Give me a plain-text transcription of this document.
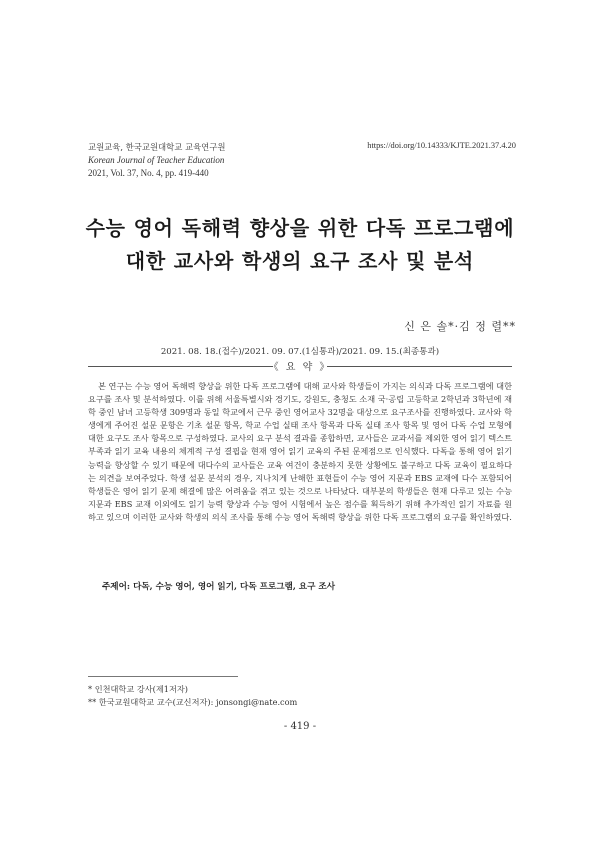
교원교육, 한국교원대학교 교육연구원
Korean Journal of Teacher Education
2021, Vol. 37, No. 4, pp. 419-440
https://doi.org/10.14333/KJTE.2021.37.4.20
수능 영어 독해력 향상을 위한 다독 프로그램에
대한 교사와 학생의 요구 조사 및 분석
신 은 솔*·김 정 렬**
2021. 08. 18.(접수)/2021. 09. 07.(1심통과)/2021. 09. 15.(최종통과)
《 요 약 》
본 연구는 수능 영어 독해력 향상을 위한 다독 프로그램에 대해 교사와 학생들이 가지는 의식과 다독 프로그램에 대한 요구를 조사 및 분석하였다. 이를 위해 서울특별시와 경기도, 강원도, 충청도 소재 국·공립 고등학교 2학년과 3학년에 재학 중인 남녀 고등학생 309명과 동일 학교에서 근무 중인 영어교사 32명을 대상으로 요구조사를 진행하였다. 교사와 학생에게 주어진 설문 문항은 기초 설문 항목, 학교 수업 실태 조사 항목과 다독 실태 조사 항목 및 영어 다독 수업 모형에 대한 요구도 조사 항목으로 구성하였다. 교사의 요구 분석 결과를 종합하면, 교사들은 교과서를 제외한 영어 읽기 텍스트 부족과 읽기 교육 내용의 체계적 구성 결핍을 현재 영어 읽기 교육의 주된 문제점으로 인식했다. 다독을 통해 영어 읽기 능력을 향상할 수 있기 때문에 대다수의 교사들은 교육 여건이 충분하지 못한 상황에도 불구하고 다독 교육이 필요하다는 의견을 보여주었다. 학생 설문 분석의 경우, 지나치게 난해한 표현들이 수능 영어 지문과 EBS 교재에 다수 포함되어 학생들은 영어 읽기 문제 해결에 많은 어려움을 겪고 있는 것으로 나타났다. 대부분의 학생들은 현재 다루고 있는 수능 지문과 EBS 교재 이외에도 읽기 능력 향상과 수능 영어 시험에서 높은 점수를 획득하기 위해 추가적인 읽기 자료를 원하고 있으며 이러한 교사와 학생의 의식 조사를 통해 수능 영어 독해력 향상을 위한 다독 프로그램의 요구를 확인하였다.
주제어: 다독, 수능 영어, 영어 읽기, 다독 프로그램, 요구 조사
* 인천대학교 강사(제1저자)
** 한국교원대학교 교수(교신저자): jonsongi@nate.com
- 419 -
